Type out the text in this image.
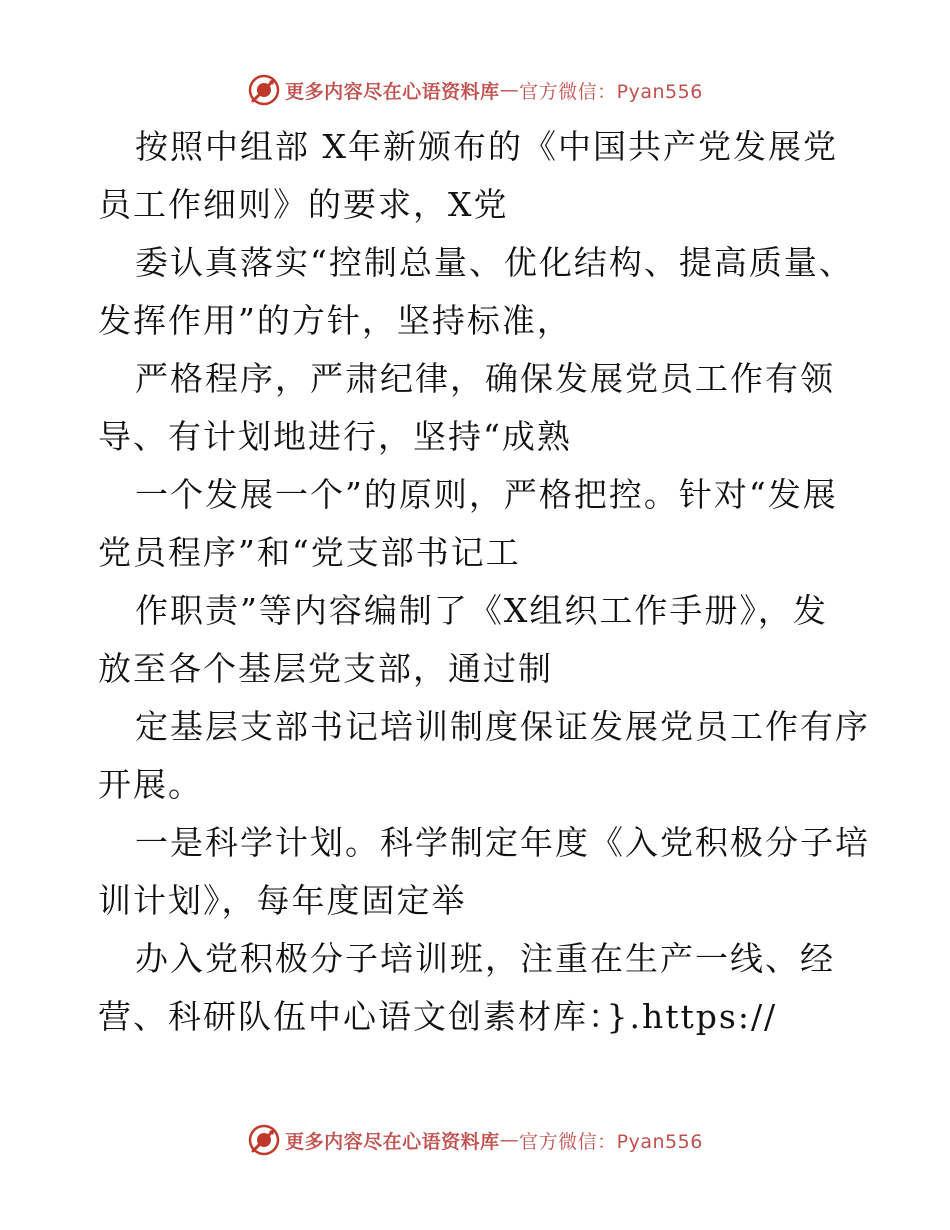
更多内容尽在心语资料库 — 官方微信：Pyan556
按照中组部 X年新颁布的《中国共产党发展党
员工作细则》的要求，X党
委认真落实“控制总量、优化结构、提高质量、
发挥作用”的方针，坚持标准，
严格程序，严肃纪律，确保发展党员工作有领
导、有计划地进行，坚持“成熟
一个发展一个”的原则，严格把控。针对“发展
党员程序”和“党支部书记工
作职责”等内容编制了《X组织工作手册》，发
放至各个基层党支部，通过制
定基层支部书记培训制度保证发展党员工作有序
开展。
一是科学计划。科学制定年度《入党积极分子培
训计划》，每年度固定举
办入党积极分子培训班，注重在生产一线、经
营、科研队伍中心语文创素材库：}.https://
更多内容尽在心语资料库 — 官方微信：Pyan556
